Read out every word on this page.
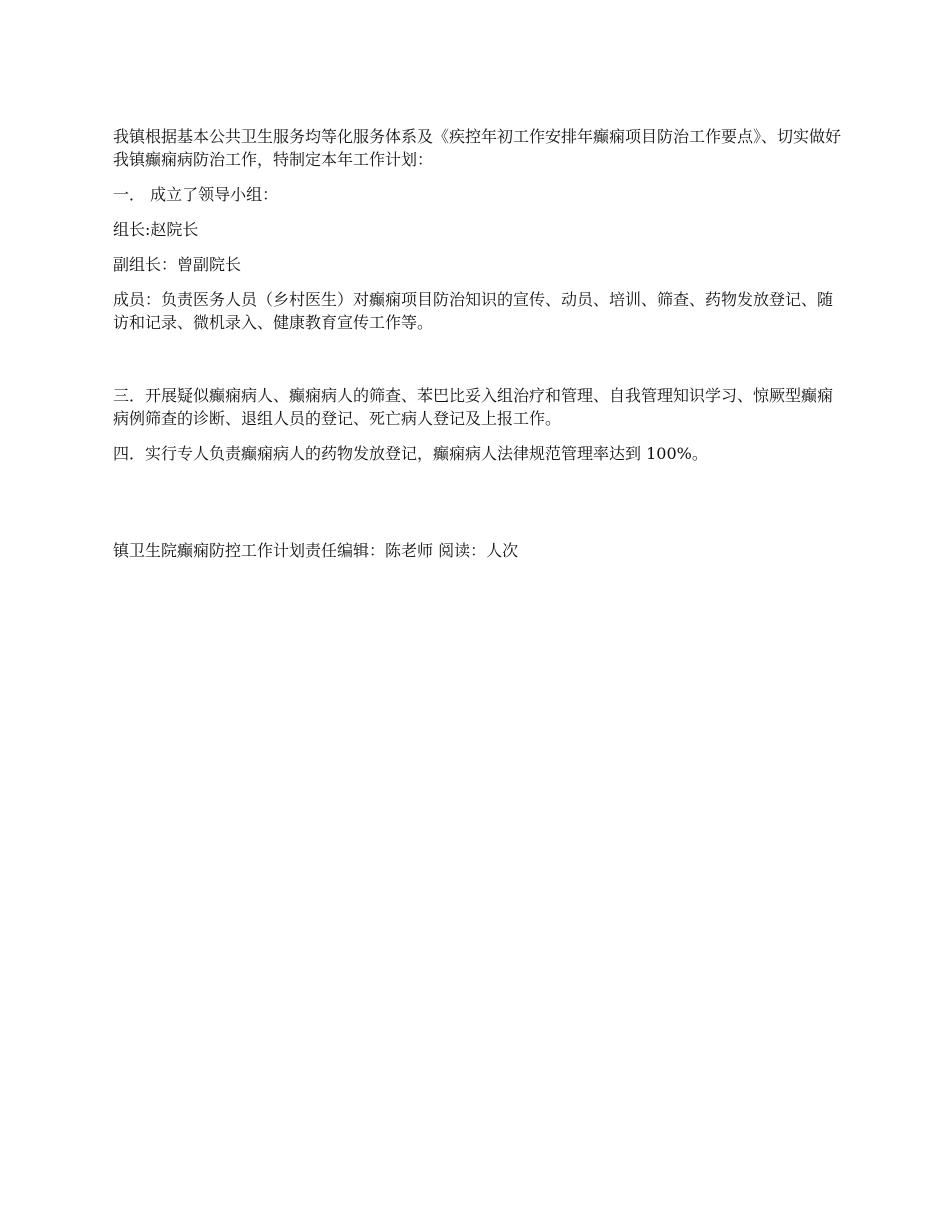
我镇根据基本公共卫生服务均等化服务体系及《疾控年初工作安排年癫痫项目防治工作要点》、切实做好我镇癫痫病防治工作，特制定本年工作计划：

一． 成立了领导小组：

组长:赵院长

副组长：曾副院长

成员：负责医务人员（乡村医生）对癫痫项目防治知识的宣传、动员、培训、筛查、药物发放登记、随访和记录、微机录入、健康教育宣传工作等。

三．开展疑似癫痫病人、癫痫病人的筛查、苯巴比妥入组治疗和管理、自我管理知识学习、惊厥型癫痫病例筛查的诊断、退组人员的登记、死亡病人登记及上报工作。

四．实行专人负责癫痫病人的药物发放登记，癫痫病人法律规范管理率达到 100%。

镇卫生院癫痫防控工作计划责任编辑：陈老师 阅读：人次
